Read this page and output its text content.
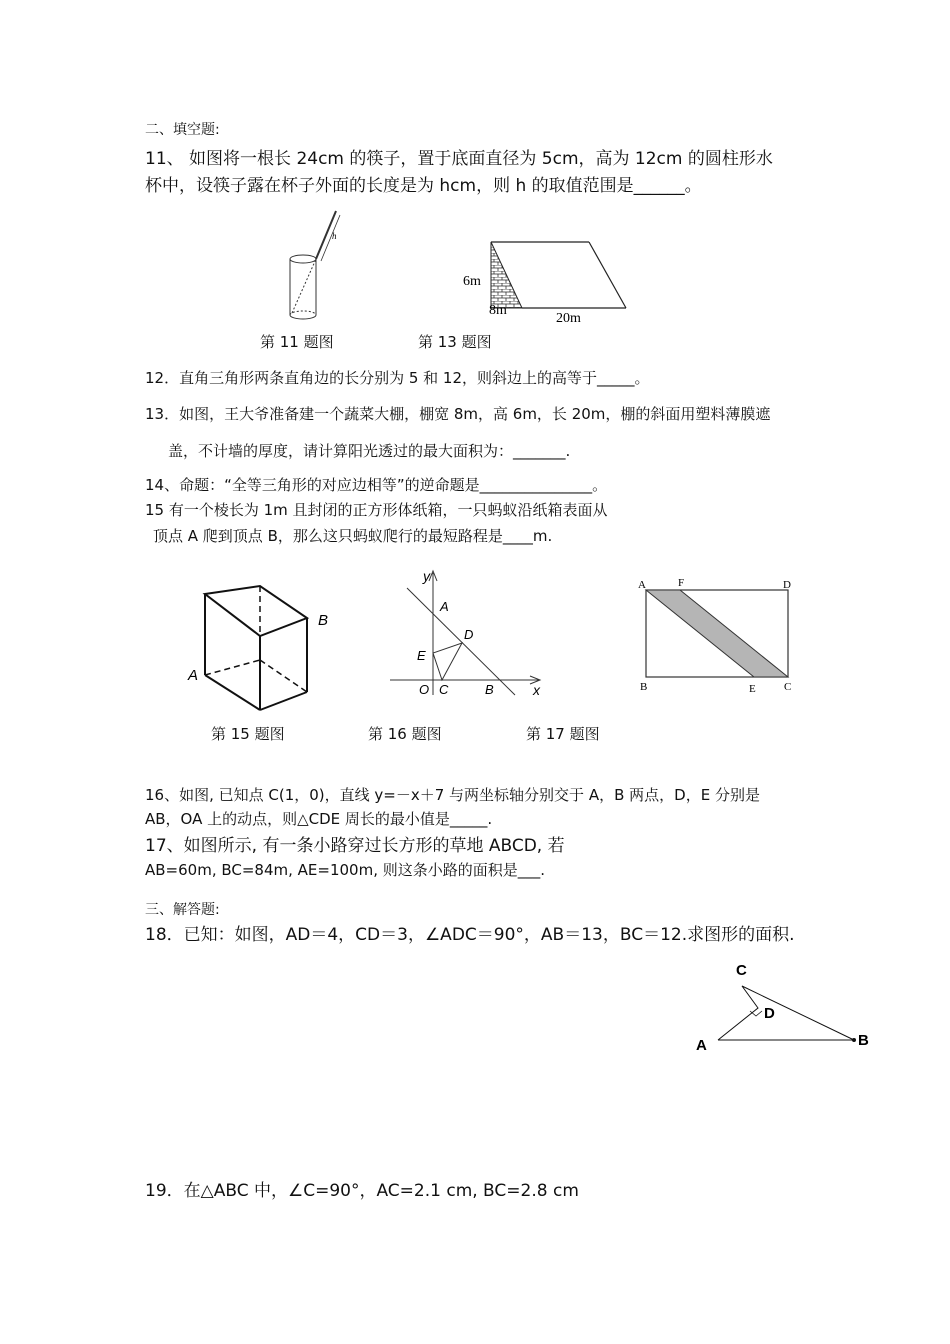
二、填空题:
11、 如图将一根长 24cm 的筷子，置于底面直径为 5cm，高为 12cm 的圆柱形水
杯中，设筷子露在杯子外面的长度是为 hcm，则 h 的取值范围是______。
h
第 11 题图
6m
8m
20m
第 13 题图
12．直角三角形两条直角边的长分别为 5 和 12，则斜边上的高等于_____。
13．如图，王大爷准备建一个蔬菜大棚，棚宽 8m，高 6m，长 20m，棚的斜面用塑料薄膜遮
盖，不计墙的厚度，请计算阳光透过的最大面积为：_______.
14、命题：“全等三角形的对应边相等”的逆命题是_______________。
15 有一个棱长为 1m 且封闭的正方形体纸箱，一只蚂蚁沿纸箱表面从
顶点 A 爬到顶点 B，那么这只蚂蚁爬行的最短路程是____m.
A
B
第 15 题图
y
x
A
D
E
O C	B
第 16 题图
A	F	D
B	E	C
第 17 题图
16、如图, 已知点 C(1，0)，直线 y=－x＋7 与两坐标轴分别交于 A，B 两点，D，E 分别是
AB，OA 上的动点，则△CDE 周长的最小值是_____.
17、如图所示, 有一条小路穿过长方形的草地 ABCD, 若
AB=60m, BC=84m, AE=100m, 则这条小路的面积是___.
三、解答题:
18．已知：如图，AD＝4，CD＝3，∠ADC＝90°，AB＝13，BC＝12.求图形的面积.
C
D
A	B
19．在△ABC 中，∠C=90°，AC=2.1 cm, BC=2.8 cm
